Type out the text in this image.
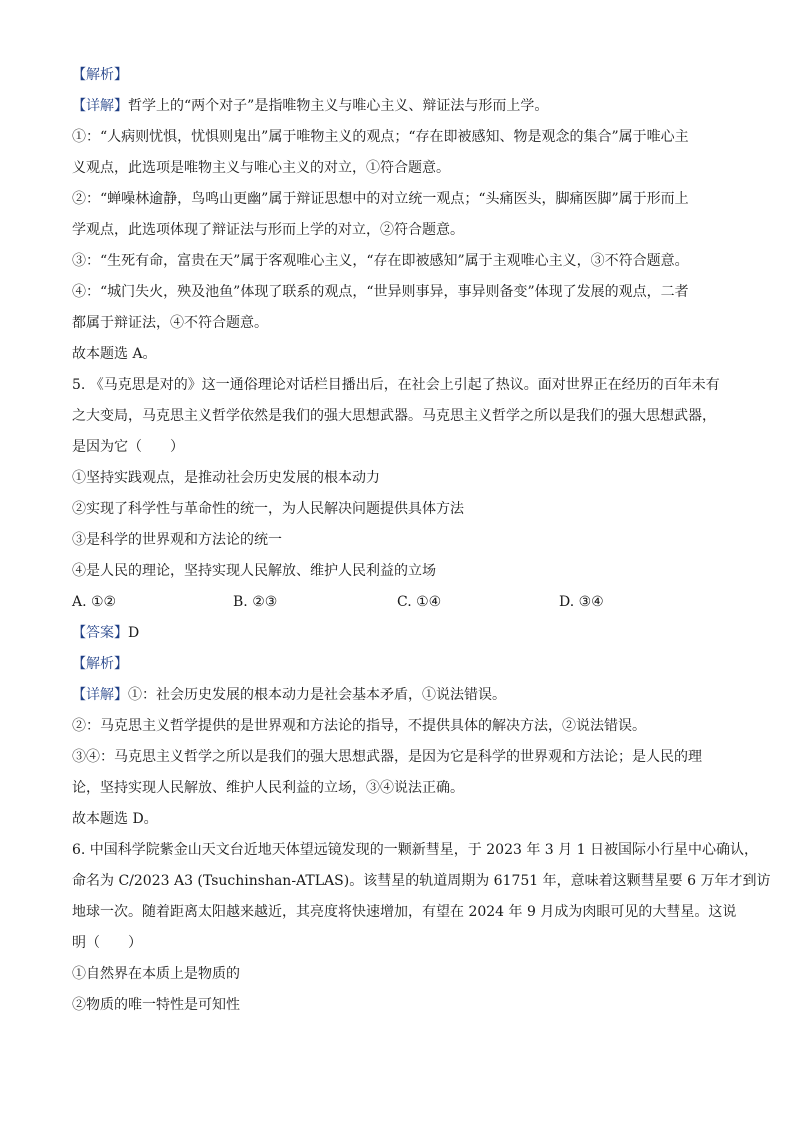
【解析】
【详解】哲学上的“两个对子”是指唯物主义与唯心主义、辩证法与形而上学。
①：“人病则忧惧，忧惧则鬼出”属于唯物主义的观点；“存在即被感知、物是观念的集合”属于唯心主
义观点，此选项是唯物主义与唯心主义的对立，①符合题意。
②：“蝉噪林逾静，鸟鸣山更幽”属于辩证思想中的对立统一观点；“头痛医头，脚痛医脚”属于形而上
学观点，此选项体现了辩证法与形而上学的对立，②符合题意。
③：“生死有命，富贵在天”属于客观唯心主义，“存在即被感知”属于主观唯心主义，③不符合题意。
④：“城门失火，殃及池鱼”体现了联系的观点，“世异则事异，事异则备变”体现了发展的观点，二者
都属于辩证法，④不符合题意。
故本题选 A。
5. 《马克思是对的》这一通俗理论对话栏目播出后，在社会上引起了热议。面对世界正在经历的百年未有
之大变局，马克思主义哲学依然是我们的强大思想武器。马克思主义哲学之所以是我们的强大思想武器，
是因为它（　　）
①坚持实践观点，是推动社会历史发展的根本动力
②实现了科学性与革命性的统一，为人民解决问题提供具体方法
③是科学的世界观和方法论的统一
④是人民的理论，坚持实现人民解放、维护人民利益的立场
A. ①②	B. ②③	C. ①④	D. ③④
【答案】D
【解析】
【详解】①：社会历史发展的根本动力是社会基本矛盾，①说法错误。
②：马克思主义哲学提供的是世界观和方法论的指导，不提供具体的解决方法，②说法错误。
③④：马克思主义哲学之所以是我们的强大思想武器，是因为它是科学的世界观和方法论；是人民的理
论，坚持实现人民解放、维护人民利益的立场，③④说法正确。
故本题选 D。
6. 中国科学院紫金山天文台近地天体望远镜发现的一颗新彗星，于 2023 年 3 月 1 日被国际小行星中心确认，
命名为 C/2023 A3 (Tsuchinshan-ATLAS)。该彗星的轨道周期为 61751 年，意味着这颗彗星要 6 万年才到访
地球一次。随着距离太阳越来越近，其亮度将快速增加，有望在 2024 年 9 月成为肉眼可见的大彗星。这说
明（　　）
①自然界在本质上是物质的
②物质的唯一特性是可知性
